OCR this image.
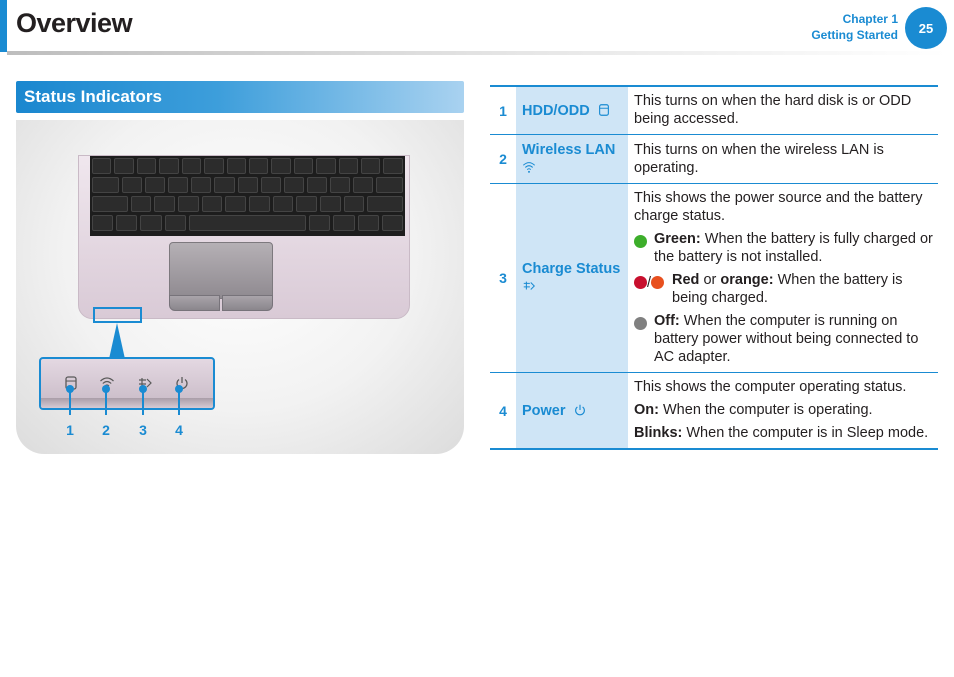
Overview	Chapter 1
Getting Started	25
Status Indicators
1	2	3	4
1	HDD/ODD	This turns on when the hard disk is or ODD being accessed.

2	Wireless LAN	This turns on when the wireless LAN is operating.

3	Charge Status	This shows the power source and the battery charge status.
Green: When the battery is fully charged or the battery is not installed.
/ Red or orange: When the battery is being charged.
Off: When the computer is running on battery power without being connected to AC adapter.

4	Power	This shows the computer operating status.
On: When the computer is operating.
Blinks: When the computer is in Sleep mode.
